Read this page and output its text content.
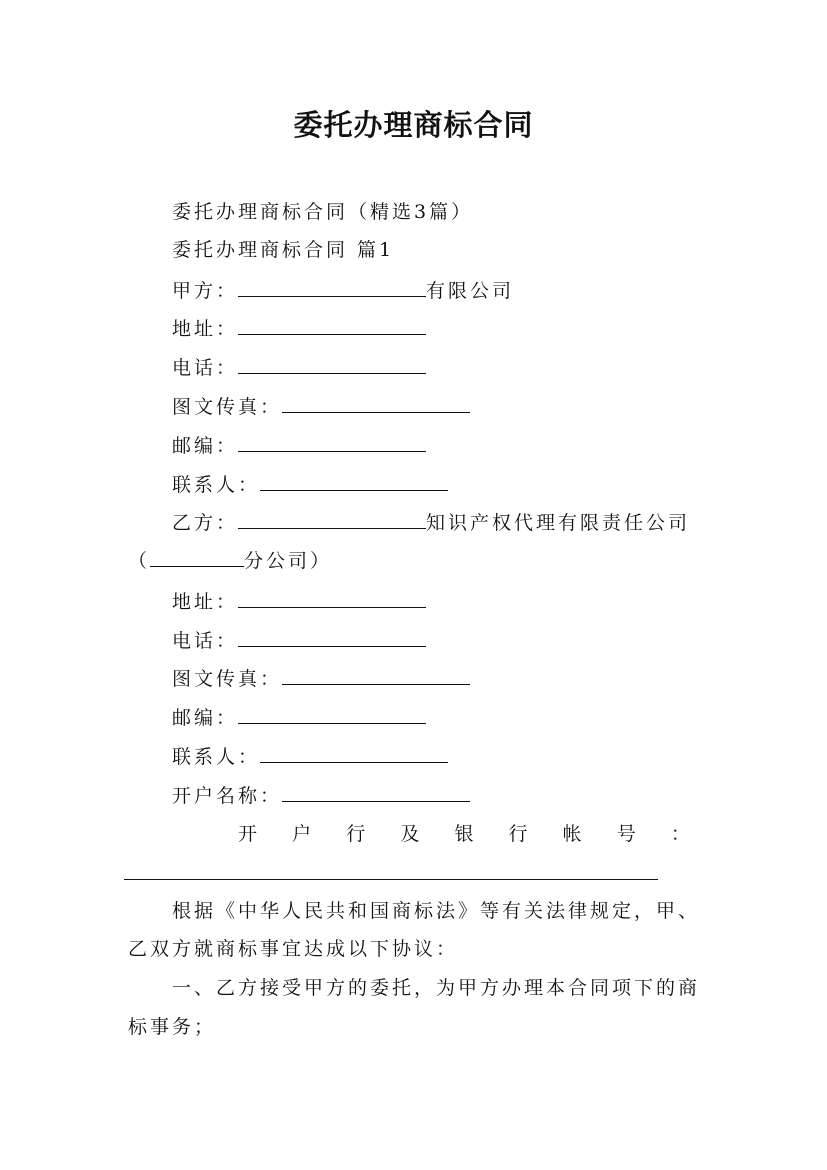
委托办理商标合同
委托办理商标合同（精选3篇）
委托办理商标合同 篇1
甲方：	有限公司
地址：
电话：
图文传真：
邮编：
联系人：
乙方：	知识产权代理有限责任公司
（	分公司）
地址：
电话：
图文传真：
邮编：
联系人：
开户名称：
开 户 行 及 银 行 帐 号 ：
根据《中华人民共和国商标法》等有关法律规定，甲、
乙双方就商标事宜达成以下协议：
一、乙方接受甲方的委托，为甲方办理本合同项下的商
标事务；
